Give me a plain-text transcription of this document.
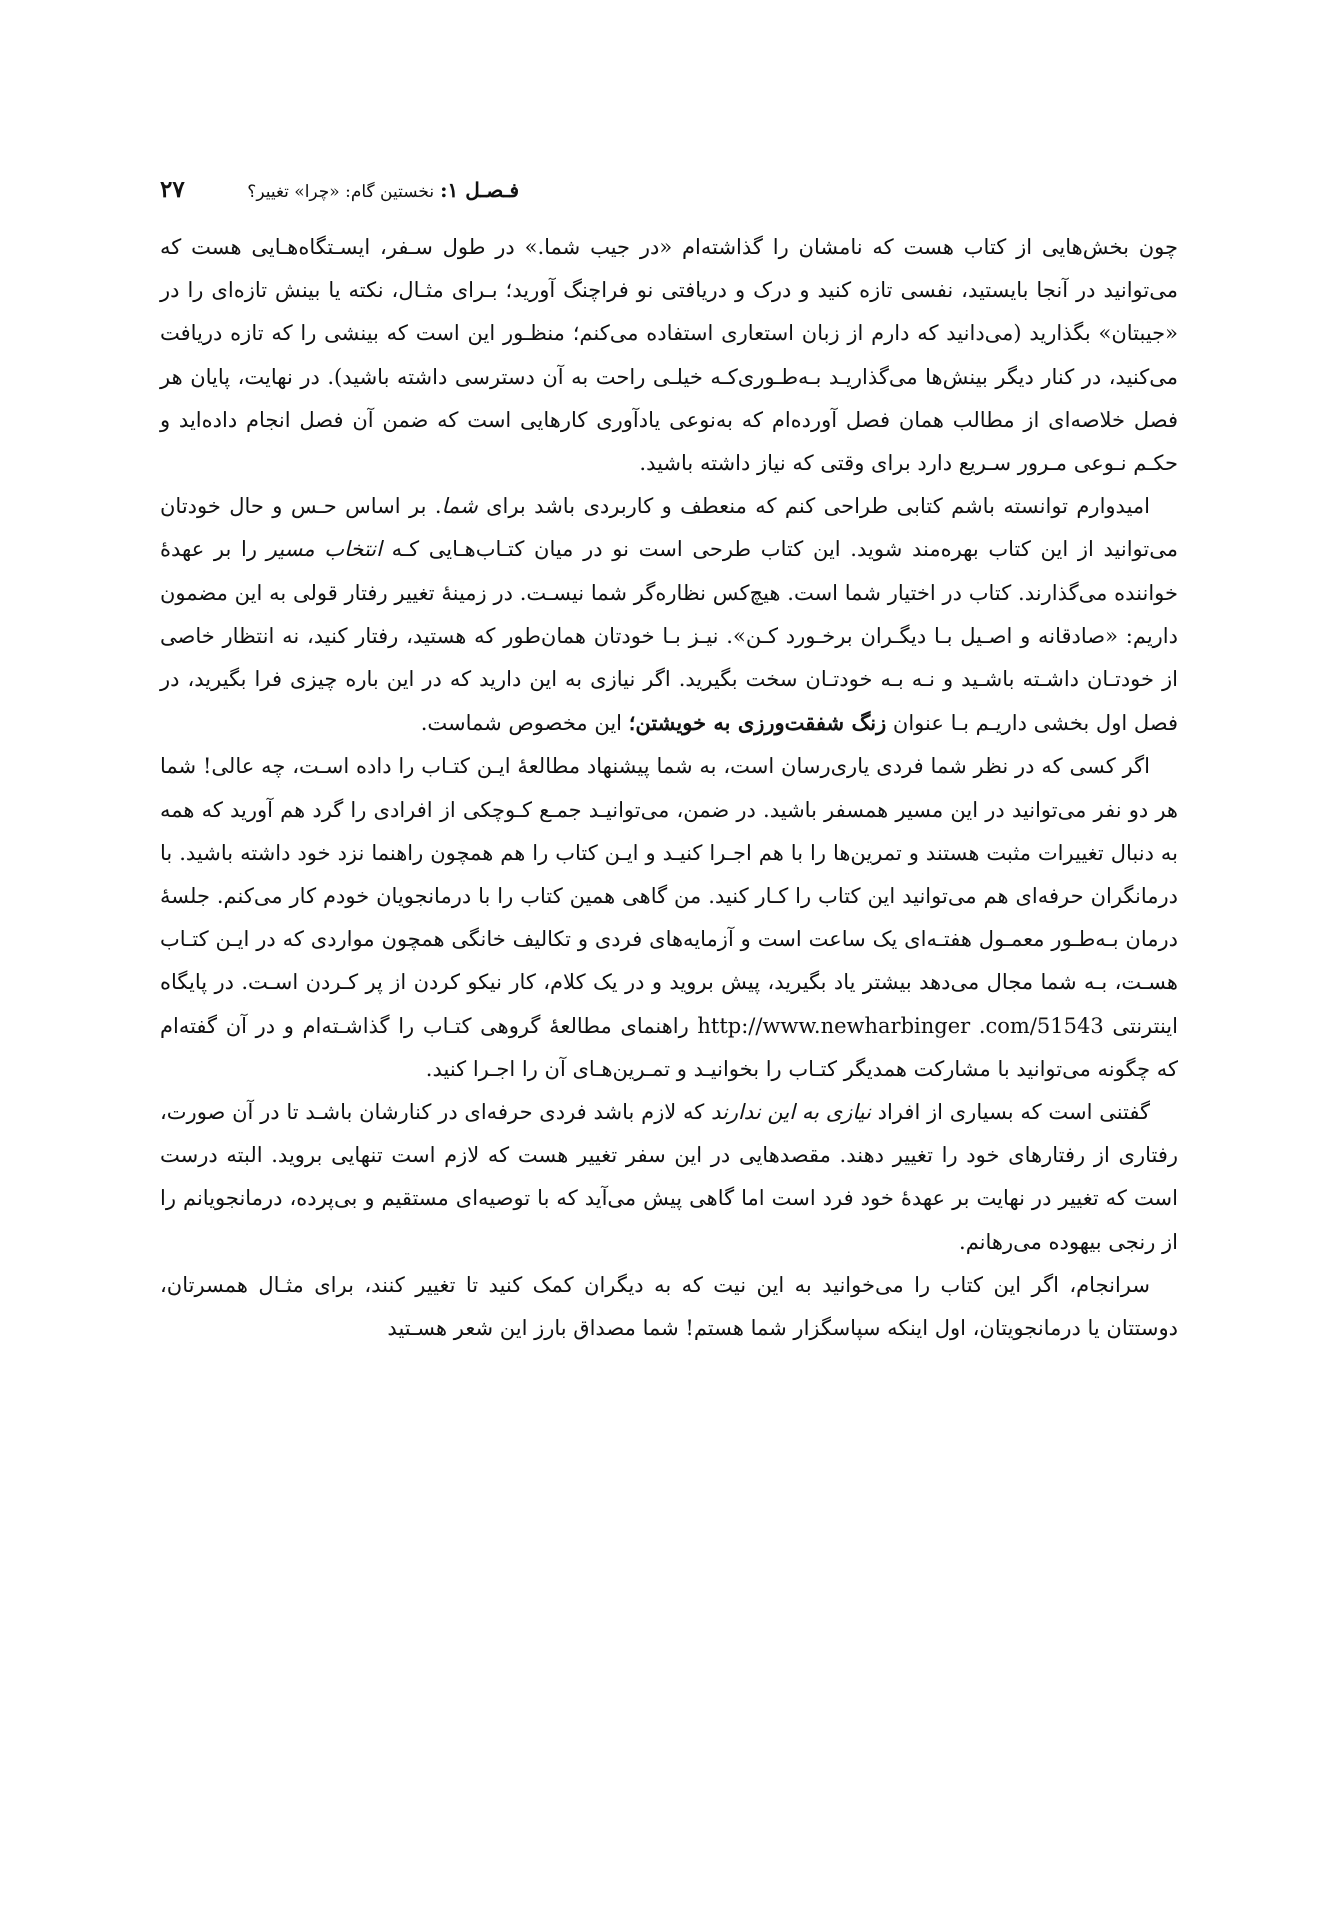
۲۷	فـصـل ۱:
نخستین گام: «چرا» تغییر؟

چون بخش‌هایی از کتاب هست که نامشان را گذاشته‌ام «در جیب شما.» در طول سـفر، ایسـتگاه‌هـایی هست که می‌توانید در آنجا بایستید، نفسی تازه کنید و درک و دریافتی نو فراچنگ آورید؛ بـرای مثـال، نکته یا بینش تازه‌ای را در «جیبتان» بگذارید (می‌دانید که دارم از زبان استعاری استفاده می‌کنم؛ منظـور این است که بینشی را که تازه دریافت می‌کنید، در کنار دیگر بینش‌ها می‌گذاریـد بـه‌طـوری‌کـه خیلـی راحت به آن دسترسی داشته باشید). در نهایت، پایان هر فصل خلاصه‌ای از مطالب همان فصل آورده‌ام که به‌نوعی یادآوری کارهایی است که ضمن آن فصل انجام داده‌اید و حکـم نـوعی مـرور سـریع دارد برای وقتی که نیاز داشته باشید.

امیدوارم توانسته باشم کتابی طراحی کنم که منعطف و کاربردی باشد برای شما. بر اساس حـس و حال خودتان می‌توانید از این کتاب بهره‌مند شوید. این کتاب طرحی است نو در میان کتـاب‌هـایی کـه انتخاب مسیر را بر عهدهٔ خواننده می‌گذارند. کتاب در اختیار شما است. هیچ‌کس نظاره‌گر شما نیسـت. در زمینهٔ تغییر رفتار قولی به این مضمون داریم: «صادقانه و اصـیل بـا دیگـران برخـورد کـن». نیـز بـا خودتان همان‌طور که هستید، رفتار کنید، نه انتظار خاصی از خودتـان داشـته باشـید و نـه بـه خودتـان سخت بگیرید. اگر نیازی به این دارید که در این باره چیزی فرا بگیرید، در فصل اول بخشی داریـم بـا عنوان زنگ شفقت‌ورزی به خویشتن؛ این مخصوص شماست.

اگر کسی که در نظر شما فردی یاری‌رسان است، به شما پیشنهاد مطالعهٔ ایـن کتـاب را داده اسـت، چه عالی! شما هر دو نفر می‌توانید در این مسیر همسفر باشید. در ضمن، می‌توانیـد جمـع کـوچکی از افرادی را گرد هم آورید که همه به دنبال تغییرات مثبت هستند و تمرین‌ها را با هم اجـرا کنیـد و ایـن کتاب را هم همچون راهنما نزد خود داشته باشید. با درمانگران حرفه‌ای هم می‌توانید این کتاب را کـار کنید. من گاهی همین کتاب را با درمانجویان خودم کار می‌کنم. جلسهٔ درمان بـه‌طـور معمـول هفتـه‌ای یک ساعت است و آزمایه‌های فردی و تکالیف خانگی همچون مواردی که در ایـن کتـاب هسـت، بـه شما مجال می‌دهد بیشتر یاد بگیرید، پیش بروید و در یک کلام، کار نیکو کردن از پر کـردن اسـت. در پایگاه اینترنتی http://www.newharbinger .com/51543 راهنمای مطالعهٔ گروهی کتـاب را گذاشـته‌ام و در آن گفته‌ام که چگونه می‌توانید با مشارکت همدیگر کتـاب را بخوانیـد و تمـرین‌هـای آن را اجـرا کنید.

گفتنی است که بسیاری از افراد نیازی به این ندارند که لازم باشد فردی حرفه‌ای در کنارشان باشـد تا در آن صورت، رفتاری از رفتارهای خود را تغییر دهند. مقصدهایی در این سفر تغییر هست که لازم است تنهایی بروید. البته درست است که تغییر در نهایت بر عهدهٔ خود فرد است اما گاهی پیش می‌آید که با توصیه‌ای مستقیم و بی‌پرده، درمانجویانم را از رنجی بیهوده می‌رهانم.

سرانجام، اگر این کتاب را می‌خوانید به این نیت که به دیگران کمک کنید تا تغییر کنند، برای مثـال همسرتان، دوستتان یا درمانجویتان، اول اینکه سپاسگزار شما هستم! شما مصداق بارز این شعر هسـتید
